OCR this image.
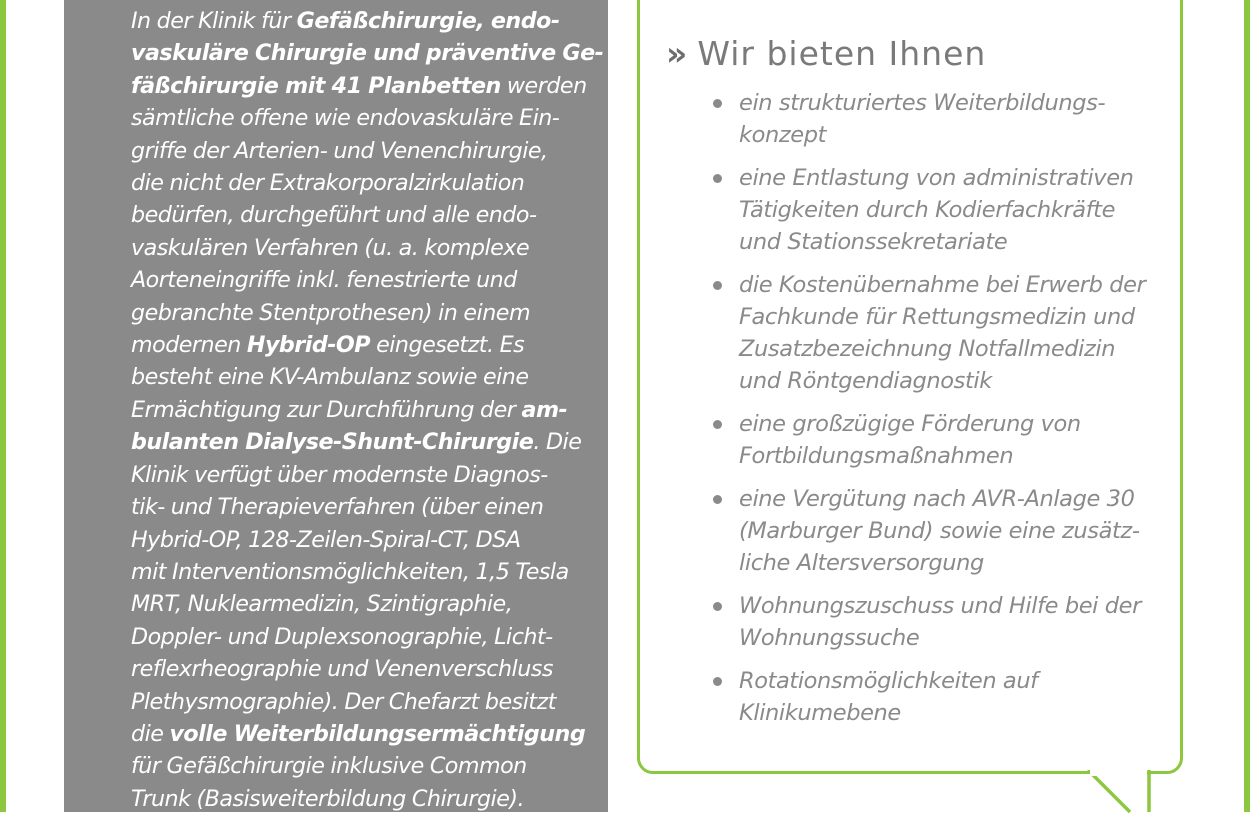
In der Klinik für Gefäßchirurgie, endo-
vaskuläre Chirurgie und präventive Ge-
fäßchirurgie mit 41 Planbetten werden
sämtliche offene wie endovaskuläre Ein-
griffe der Arterien- und Venenchirurgie,
die nicht der Extrakorporalzirkulation
bedürfen, durchgeführt und alle endo-
vaskulären Verfahren (u. a. komplexe
Aorteneingriffe inkl. fenestrierte und
gebranchte Stentprothesen) in einem
modernen Hybrid-OP eingesetzt. Es
besteht eine KV-Ambulanz sowie eine
Ermächtigung zur Durchführung der am-
bulanten Dialyse-Shunt-Chirurgie. Die
Klinik verfügt über modernste Diagnos-
tik- und Therapieverfahren (über einen
Hybrid-OP, 128-Zeilen-Spiral-CT, DSA
mit Interventionsmöglichkeiten, 1,5 Tesla
MRT, Nuklearmedizin, Szintigraphie,
Doppler- und Duplexsonographie, Licht-
reflexrheographie und Venenverschluss
Plethysmographie). Der Chefarzt besitzt
die volle Weiterbildungsermächtigung
für Gefäßchirurgie inklusive Common
Trunk (Basisweiterbildung Chirurgie).
» Wir bieten Ihnen
ein strukturiertes Weiterbildungs-
konzept
eine Entlastung von administrativen
Tätigkeiten durch Kodierfachkräfte
und Stationssekretariate
die Kostenübernahme bei Erwerb der
Fachkunde für Rettungsmedizin und
Zusatzbezeichnung Notfallmedizin
und Röntgendiagnostik
eine großzügige Förderung von
Fortbildungsmaßnahmen
eine Vergütung nach AVR-Anlage 30
(Marburger Bund) sowie eine zusätz-
liche Altersversorgung
Wohnungszuschuss und Hilfe bei der
Wohnungssuche
Rotationsmöglichkeiten auf
Klinikumebene
